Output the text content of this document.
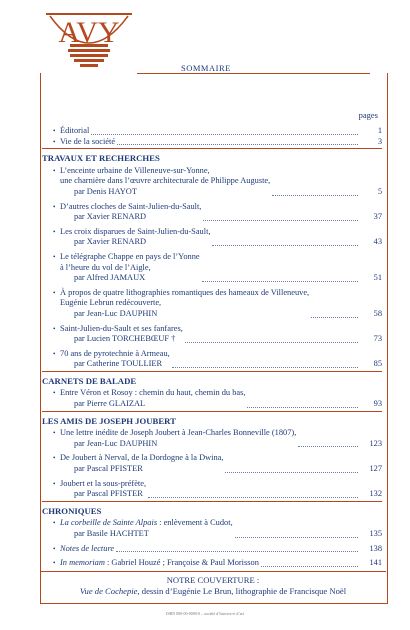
AVY
SOMMAIRE
pages
• Éditorial	1
• Vie de la société	3
TRAVAUX ET RECHERCHES
• L’enceinte urbaine de Villeneuve-sur-Yonne,
une charnière dans l’œuvre architecturale de Philippe Auguste,
par Denis HAYOT	5
• D’autres cloches de Saint-Julien-du-Sault,
par Xavier RENARD	37
• Les croix disparues de Saint-Julien-du-Sault,
par Xavier RENARD	43
• Le télégraphe Chappe en pays de l’Yonne
à l’heure du vol de l’Aigle,
par Alfred JAMAUX	51
• À propos de quatre lithographies romantiques des hameaux de Villeneuve,
Eugénie Lebrun redécouverte,
par Jean-Luc DAUPHIN	58
• Saint-Julien-du-Sault et ses fanfares,
par Lucien TORCHEBŒUF †	73
• 70 ans de pyrotechnie à Armeau,
par Catherine TOULLIER	85
CARNETS DE BALADE
• Entre Véron et Rosoy : chemin du haut, chemin du bas,
par Pierre GLAIZAL	93
LES AMIS DE JOSEPH JOUBERT
• Une lettre inédite de Joseph Joubert à Jean-Charles Bonneville (1807),
par Jean-Luc DAUPHIN	123
• De Joubert à Nerval, de la Dordogne à la Dwina,
par Pascal PFISTER	127
• Joubert et la sous-préfète,
par Pascal PFISTER	132
CHRONIQUES
• La corbeille de Sainte Alpais : enlèvement à Cudot,
par Basile HACHTET	135
• Notes de lecture	138
• In memoriam : Gabriel Houzé ; Françoise & Paul Morisson	141
NOTRE COUVERTURE :
Vue de Cochepie, dessin d’Eugénie Le Brun, lithographie de Francisque Noël
ISBN 000-00-0000-0 – société d’histoire et d’art
